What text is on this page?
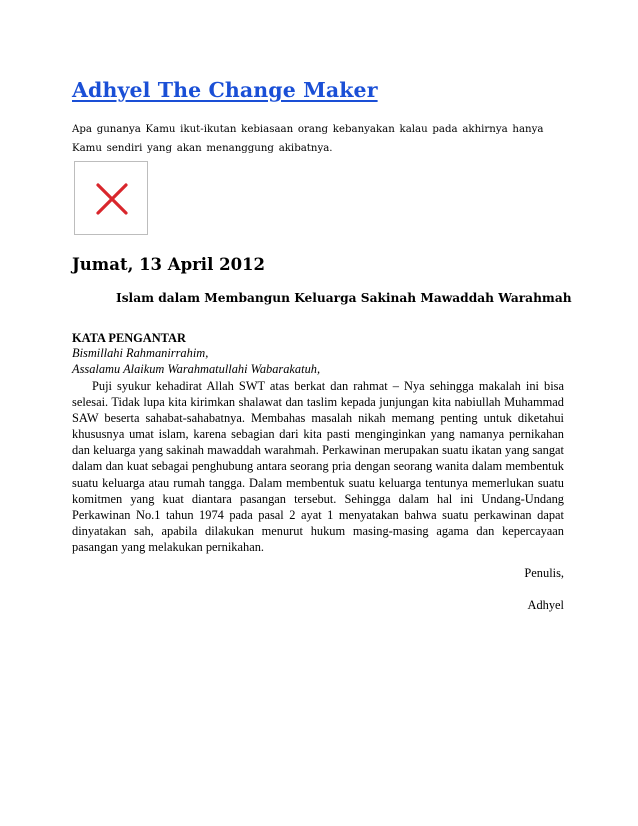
Adhyel The Change Maker
Apa gunanya Kamu ikut-ikutan kebiasaan orang kebanyakan kalau pada akhirnya hanya Kamu sendiri yang akan menanggung akibatnya.
Jumat, 13 April 2012
Islam dalam Membangun Keluarga Sakinah Mawaddah Warahmah
KATA PENGANTAR
Bismillahi Rahmanirrahim,
Assalamu Alaikum Warahmatullahi Wabarakatuh,
Puji syukur kehadirat Allah SWT atas berkat dan rahmat – Nya sehingga makalah ini bisa selesai. Tidak lupa kita kirimkan shalawat dan taslim kepada junjungan kita nabiullah Muhammad SAW beserta sahabat-sahabatnya. Membahas masalah nikah memang penting untuk diketahui khususnya umat islam, karena sebagian dari kita pasti menginginkan yang namanya pernikahan dan keluarga yang sakinah mawaddah warahmah. Perkawinan merupakan suatu ikatan yang sangat dalam dan kuat sebagai penghubung antara seorang pria dengan seorang wanita dalam membentuk suatu keluarga atau rumah tangga. Dalam membentuk suatu keluarga tentunya memerlukan suatu komitmen yang kuat diantara pasangan tersebut. Sehingga dalam hal ini Undang-Undang Perkawinan No.1 tahun 1974 pada pasal 2 ayat 1 menyatakan bahwa suatu perkawinan dapat dinyatakan sah, apabila dilakukan menurut hukum masing-masing agama dan kepercayaan pasangan yang melakukan pernikahan.
Penulis,
Adhyel
